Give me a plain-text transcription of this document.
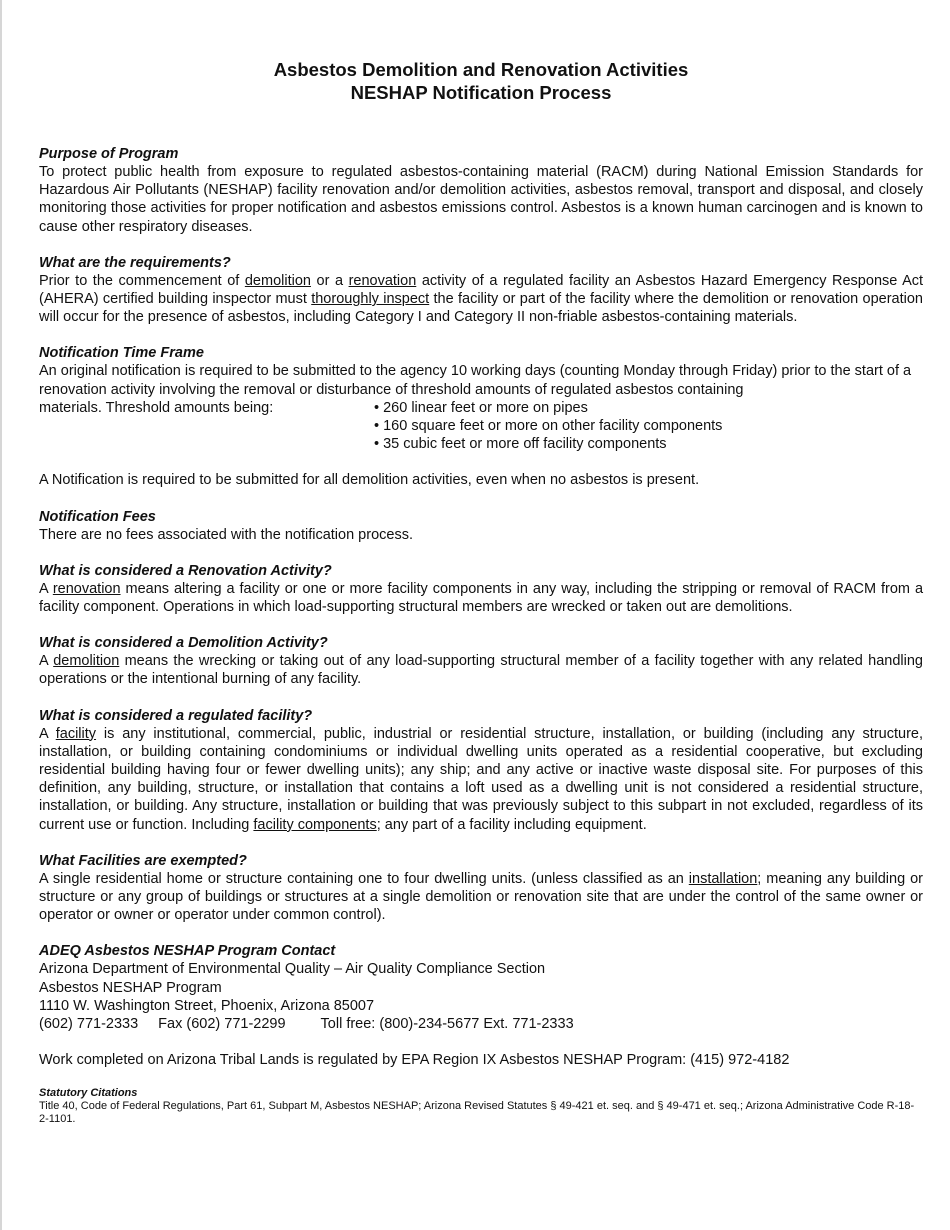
Asbestos Demolition and Renovation Activities
NESHAP Notification Process
Purpose of Program

To protect public health from exposure to regulated asbestos-containing material (RACM) during National Emission Standards for Hazardous Air Pollutants (NESHAP) facility renovation and/or demolition activities, asbestos removal, transport and disposal, and closely monitoring those activities for proper notification and asbestos emissions control. Asbestos is a known human carcinogen and is known to cause other respiratory diseases.

What are the requirements?

Prior to the commencement of demolition or a renovation activity of a regulated facility an Asbestos Hazard Emergency Response Act (AHERA) certified building inspector must thoroughly inspect the facility or part of the facility where the demolition or renovation operation will occur for the presence of asbestos, including Category I and Category II non-friable asbestos-containing materials.

Notification Time Frame

An original notification is required to be submitted to the agency 10 working days (counting Monday through Friday) prior to the start of a renovation activity involving the removal or disturbance of threshold amounts of regulated asbestos containing

materials. Threshold amounts being:	• 260 linear feet or more on pipes
• 160 square feet or more on other facility components
• 35 cubic feet or more off facility components

A Notification is required to be submitted for all demolition activities, even when no asbestos is present.

Notification Fees

There are no fees associated with the notification process.

What is considered a Renovation Activity?

A renovation means altering a facility or one or more facility components in any way, including the stripping or removal of RACM from a facility component. Operations in which load-supporting structural members are wrecked or taken out are demolitions.

What is considered a Demolition Activity?

A demolition means the wrecking or taking out of any load-supporting structural member of a facility together with any related handling operations or the intentional burning of any facility.

What is considered a regulated facility?

A facility is any institutional, commercial, public, industrial or residential structure, installation, or building (including any structure, installation, or building containing condominiums or individual dwelling units operated as a residential cooperative, but excluding residential building having four or fewer dwelling units); any ship; and any active or inactive waste disposal site. For purposes of this definition, any building, structure, or installation that contains a loft used as a dwelling unit is not considered a residential structure, installation, or building. Any structure, installation or building that was previously subject to this subpart in not excluded, regardless of its current use or function. Including facility components; any part of a facility including equipment.

What Facilities are exempted?

A single residential home or structure containing one to four dwelling units. (unless classified as an installation; meaning any building or structure or any group of buildings or structures at a single demolition or renovation site that are under the control of the same owner or operator or owner or operator under common control).

ADEQ Asbestos NESHAP Program Contact

Arizona Department of Environmental Quality – Air Quality Compliance Section

Asbestos NESHAP Program

1110 W. Washington Street, Phoenix, Arizona 85007

(602) 771-2333 Fax (602) 771-2299 Toll free: (800)-234-5677 Ext. 771-2333

Work completed on Arizona Tribal Lands is regulated by EPA Region IX Asbestos NESHAP Program: (415) 972-4182

Statutory Citations

Title 40, Code of Federal Regulations, Part 61, Subpart M, Asbestos NESHAP; Arizona Revised Statutes § 49-421 et. seq. and § 49-471 et. seq.; Arizona Administrative Code R-18-2-1101.
